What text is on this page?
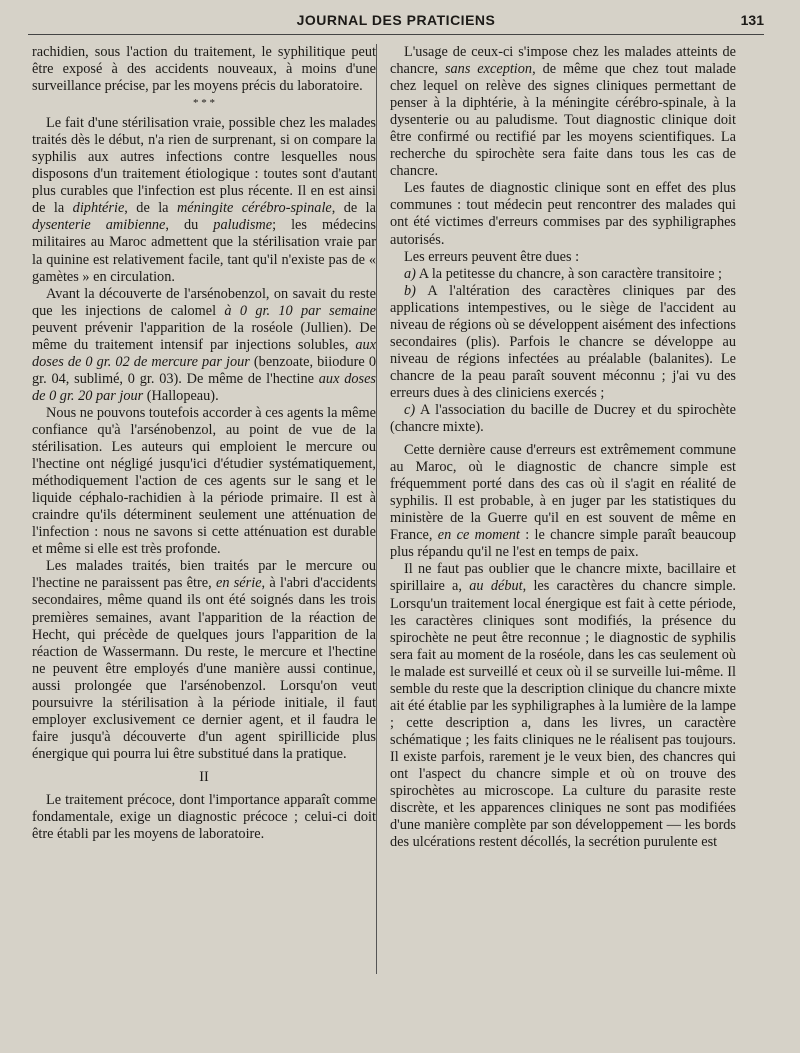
JOURNAL DES PRATICIENS	131

rachidien, sous l'action du traitement, le syphilitique peut être exposé à des accidents nouveaux, à moins d'une surveillance précise, par les moyens précis du laboratoire.

* * *

Le fait d'une stérilisation vraie, possible chez les malades traités dès le début, n'a rien de surprenant, si on compare la syphilis aux autres infections contre lesquelles nous disposons d'un traitement étiologique : toutes sont d'autant plus curables que l'infection est plus récente. Il en est ainsi de la diphtérie, de la méningite cérébro-spinale, de la dysenterie amibienne, du paludisme; les médecins militaires au Maroc admettent que la stérilisation vraie par la quinine est relativement facile, tant qu'il n'existe pas de « gamètes » en circulation.

Avant la découverte de l'arsénobenzol, on savait du reste que les injections de calomel à 0 gr. 10 par semaine peuvent prévenir l'apparition de la roséole (Jullien). De même du traitement intensif par injections solubles, aux doses de 0 gr. 02 de mercure par jour (benzoate, biiodure 0 gr. 04, sublimé, 0 gr. 03). De même de l'hectine aux doses de 0 gr. 20 par jour (Hallopeau).

Nous ne pouvons toutefois accorder à ces agents la même confiance qu'à l'arsénobenzol, au point de vue de la stérilisation. Les auteurs qui emploient le mercure ou l'hectine ont négligé jusqu'ici d'étudier systématiquement, méthodiquement l'action de ces agents sur le sang et le liquide céphalo-rachidien à la période primaire. Il est à craindre qu'ils déterminent seulement une atténuation de l'infection : nous ne savons si cette atténuation est durable et même si elle est très profonde.

Les malades traités, bien traités par le mercure ou l'hectine ne paraissent pas être, en série, à l'abri d'accidents secondaires, même quand ils ont été soignés dans les trois premières semaines, avant l'apparition de la réaction de Hecht, qui précède de quelques jours l'apparition de la réaction de Wassermann. Du reste, le mercure et l'hectine ne peuvent être employés d'une manière aussi continue, aussi prolongée que l'arsénobenzol. Lorsqu'on veut poursuivre la stérilisation à la période initiale, il faut employer exclusivement ce dernier agent, et il faudra le faire jusqu'à découverte d'un agent spirillicide plus énergique qui pourra lui être substitué dans la pratique.

II

Le traitement précoce, dont l'importance apparaît comme fondamentale, exige un diagnostic précoce ; celui-ci doit être établi par les moyens de laboratoire.

L'usage de ceux-ci s'impose chez les malades atteints de chancre, sans exception, de même que chez tout malade chez lequel on relève des signes cliniques permettant de penser à la diphtérie, à la méningite cérébro-spinale, à la dysenterie ou au paludisme. Tout diagnostic clinique doit être confirmé ou rectifié par les moyens scientifiques. La recherche du spirochète sera faite dans tous les cas de chancre.

Les fautes de diagnostic clinique sont en effet des plus communes : tout médecin peut rencontrer des malades qui ont été victimes d'erreurs commises par des syphiligraphes autorisés.

Les erreurs peuvent être dues :

a) A la petitesse du chancre, à son caractère transitoire ;

b) A l'altération des caractères cliniques par des applications intempestives, ou le siège de l'accident au niveau de régions où se développent aisément des infections secondaires (plis). Parfois le chancre se développe au niveau de régions infectées au préalable (balanites). Le chancre de la peau paraît souvent méconnu ; j'ai vu des erreurs dues à des cliniciens exercés ;

c) A l'association du bacille de Ducrey et du spirochète (chancre mixte).

Cette dernière cause d'erreurs est extrêmement commune au Maroc, où le diagnostic de chancre simple est fréquemment porté dans des cas où il s'agit en réalité de syphilis. Il est probable, à en juger par les statistiques du ministère de la Guerre qu'il en est souvent de même en France, en ce moment : le chancre simple paraît beaucoup plus répandu qu'il ne l'est en temps de paix.

Il ne faut pas oublier que le chancre mixte, bacillaire et spirillaire a, au début, les caractères du chancre simple. Lorsqu'un traitement local énergique est fait à cette période, les caractères cliniques sont modifiés, la présence du spirochète ne peut être reconnue ; le diagnostic de syphilis sera fait au moment de la roséole, dans les cas seulement où le malade est surveillé et ceux où il se surveille lui-même. Il semble du reste que la description clinique du chancre mixte ait été établie par les syphiligraphes à la lumière de la lampe ; cette description a, dans les livres, un caractère schématique ; les faits cliniques ne le réalisent pas toujours. Il existe parfois, rarement je le veux bien, des chancres qui ont l'aspect du chancre simple et où on trouve des spirochètes au microscope. La culture du parasite reste discrète, et les apparences cliniques ne sont pas modifiées d'une manière complète par son développement — les bords des ulcérations restent décollés, la secrétion purulente est
